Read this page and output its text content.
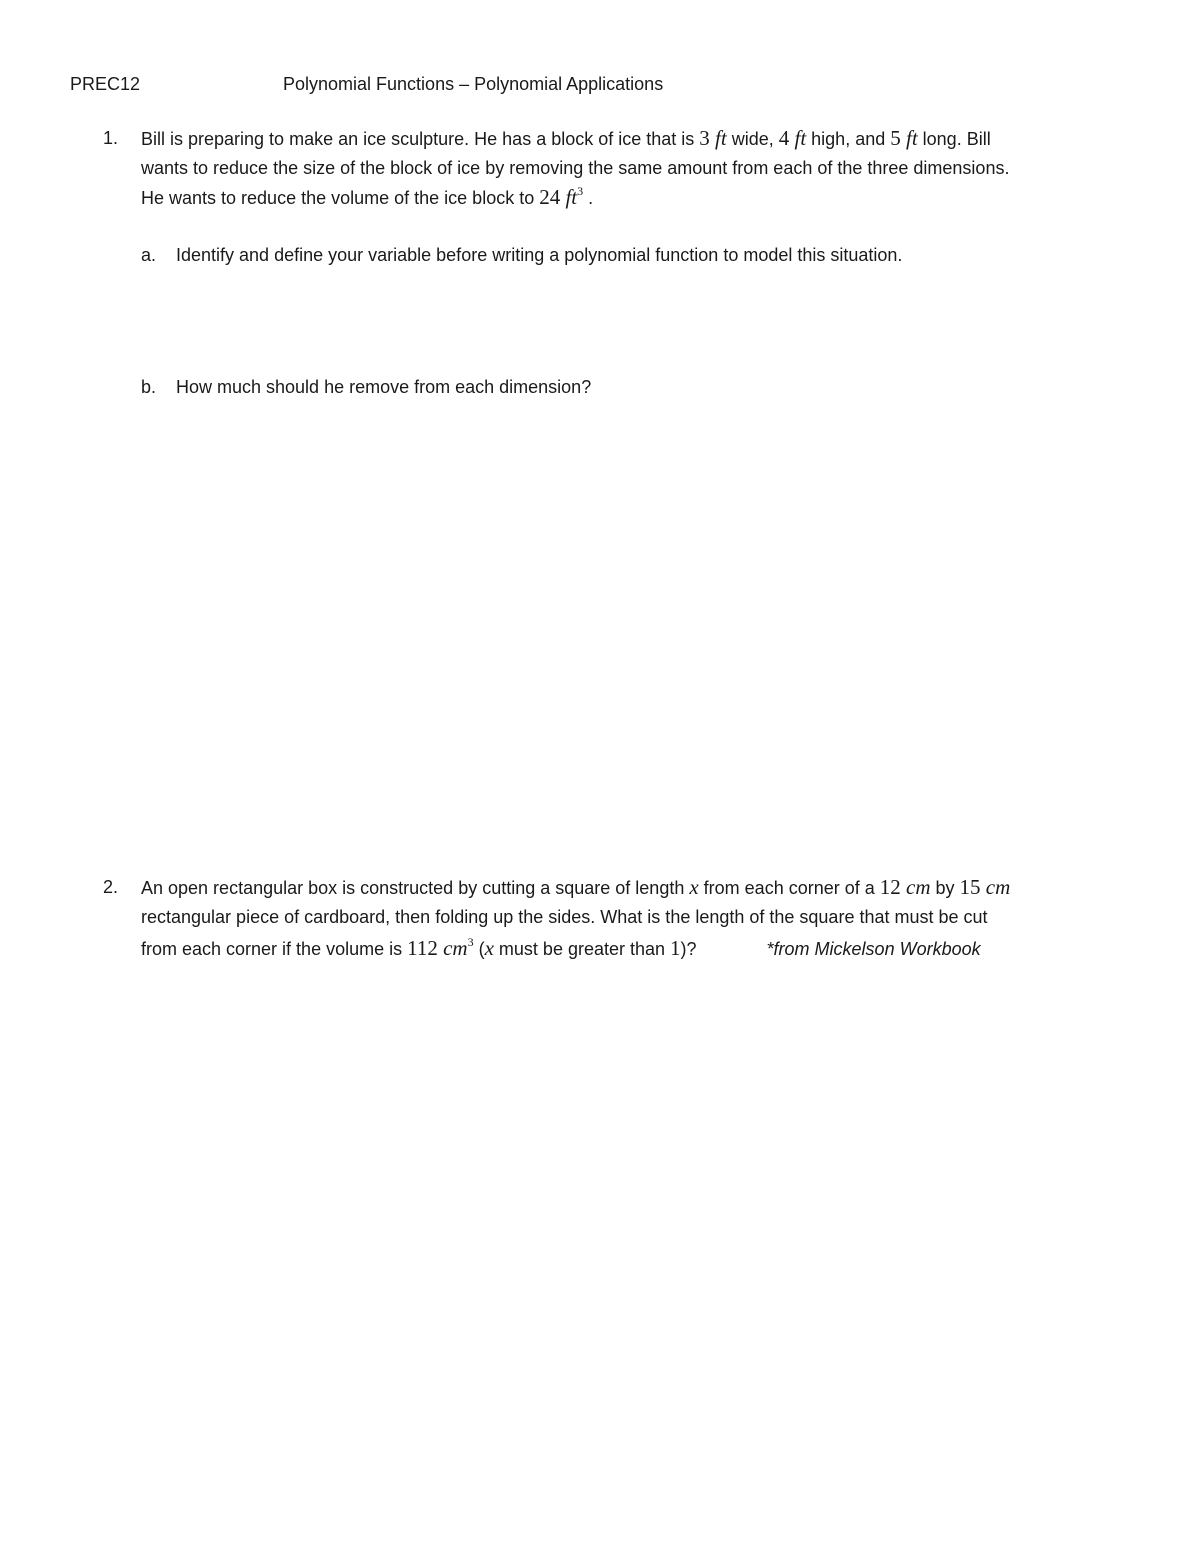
PREC12	Polynomial Functions – Polynomial Applications
1.	Bill is preparing to make an ice sculpture. He has a block of ice that is 3 ft wide, 4 ft high, and 5 ft long. Bill
wants to reduce the size of the block of ice by removing the same amount from each of the three dimensions.
He wants to reduce the volume of the ice block to 24 $ft^3$ .
a.	Identify and define your variable before writing a polynomial function to model this situation.
b.	How much should he remove from each dimension?
2.	An open rectangular box is constructed by cutting a square of length x from each corner of a 12 cm by 15 cm
rectangular piece of cardboard, then folding up the sides. What is the length of the square that must be cut
from each corner if the volume is 112 $cm^3$ (x must be greater than 1)?	*from Mickelson Workbook
